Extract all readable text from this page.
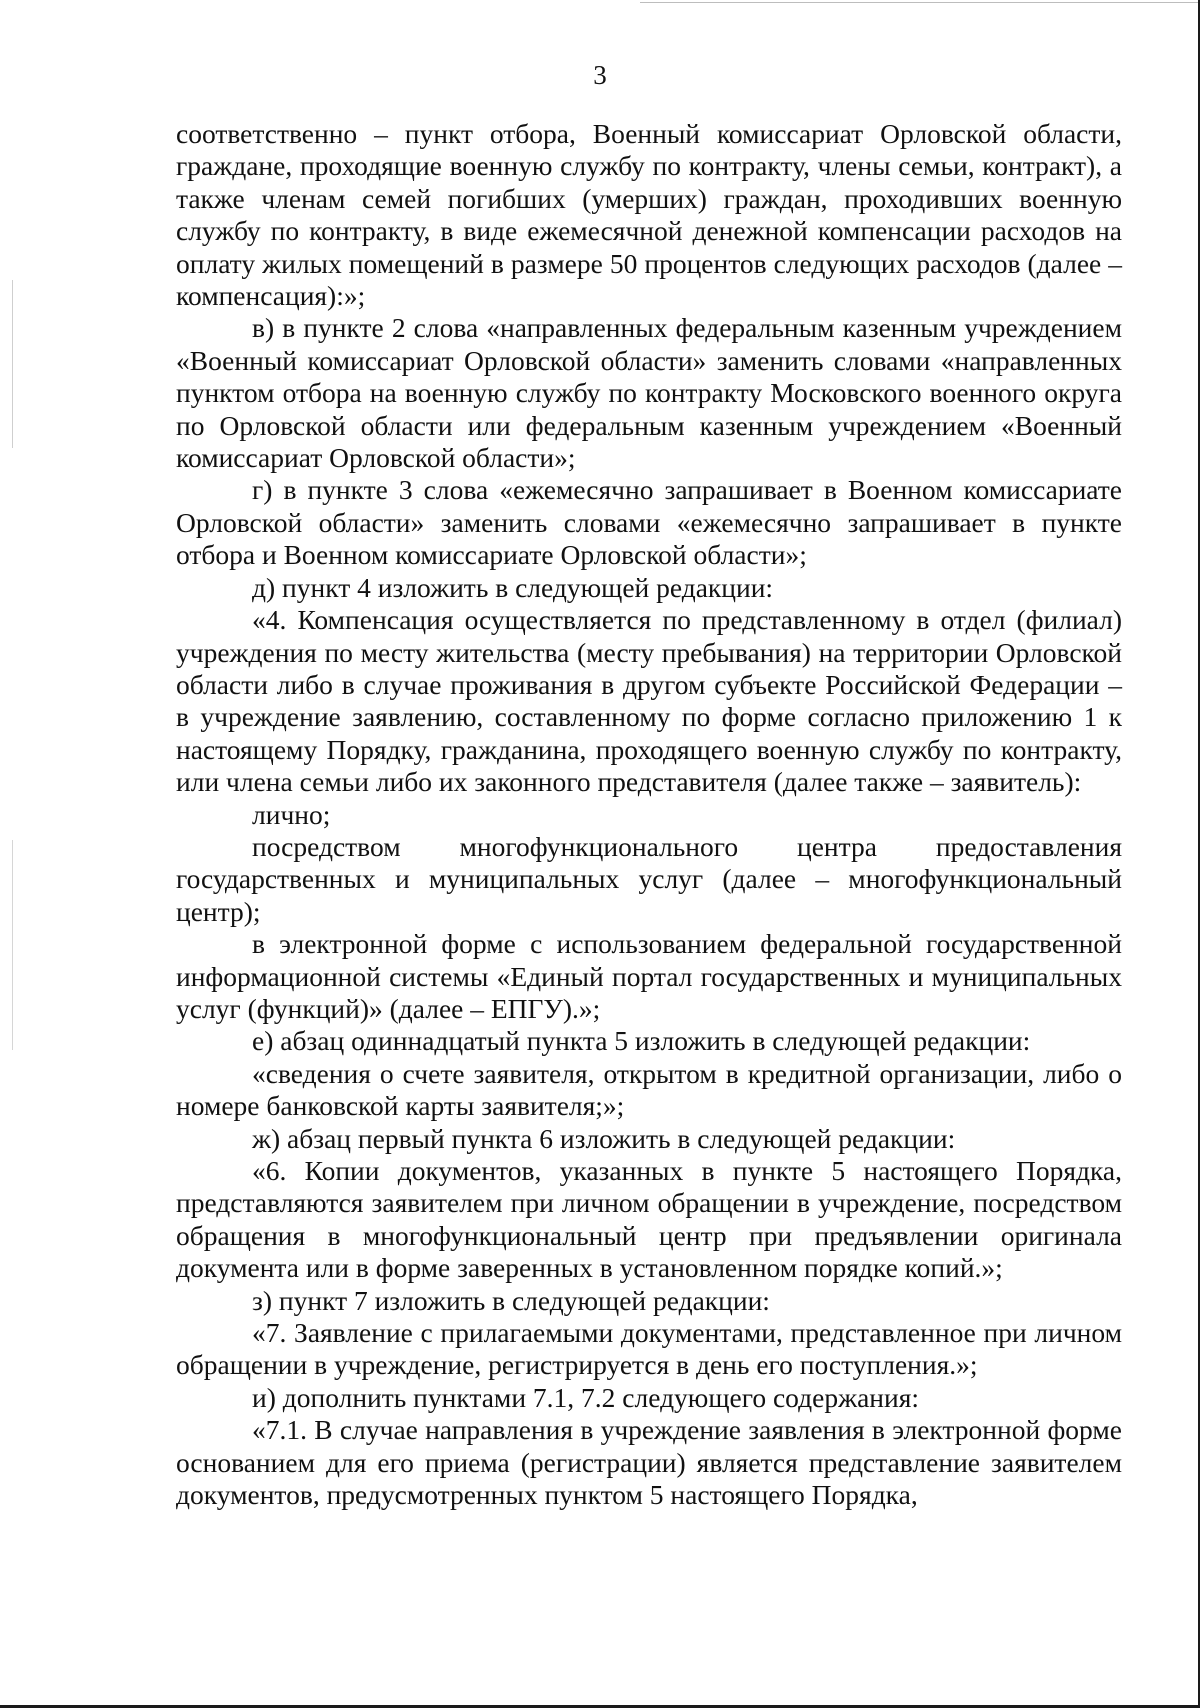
3

соответственно – пункт отбора, Военный комиссариат Орловской области, граждане, проходящие военную службу по контракту, члены семьи, контракт), а также членам семей погибших (умерших) граждан, проходивших военную службу по контракту, в виде ежемесячной денежной компенсации расходов на оплату жилых помещений в размере 50 процентов следующих расходов (далее – компенсация):»;

в) в пункте 2 слова «направленных федеральным казенным учреждением «Военный комиссариат Орловской области» заменить словами «направленных пунктом отбора на военную службу по контракту Московского военного округа по Орловской области или федеральным казенным учреждением «Военный комиссариат Орловской области»;

г) в пункте 3 слова «ежемесячно запрашивает в Военном комиссариате Орловской области» заменить словами «ежемесячно запрашивает в пункте отбора и Военном комиссариате Орловской области»;

д) пункт 4 изложить в следующей редакции:

«4. Компенсация осуществляется по представленному в отдел (филиал) учреждения по месту жительства (месту пребывания) на территории Орловской области либо в случае проживания в другом субъекте Российской Федерации – в учреждение заявлению, составленному по форме согласно приложению 1 к настоящему Порядку, гражданина, проходящего военную службу по контракту, или члена семьи либо их законного представителя (далее также – заявитель):

лично;

посредством многофункционального центра предоставления государственных и муниципальных услуг (далее – многофункциональный центр);

в электронной форме с использованием федеральной государственной информационной системы «Единый портал государственных и муниципальных услуг (функций)» (далее – ЕПГУ).»;

е) абзац одиннадцатый пункта 5 изложить в следующей редакции:

«сведения о счете заявителя, открытом в кредитной организации, либо о номере банковской карты заявителя;»;

ж) абзац первый пункта 6 изложить в следующей редакции:

«6. Копии документов, указанных в пункте 5 настоящего Порядка, представляются заявителем при личном обращении в учреждение, посредством обращения в многофункциональный центр при предъявлении оригинала документа или в форме заверенных в установленном порядке копий.»;

з) пункт 7 изложить в следующей редакции:

«7. Заявление с прилагаемыми документами, представленное при личном обращении в учреждение, регистрируется в день его поступления.»;

и) дополнить пунктами 7.1, 7.2 следующего содержания:

«7.1. В случае направления в учреждение заявления в электронной форме основанием для его приема (регистрации) является представление заявителем документов, предусмотренных пунктом 5 настоящего Порядка,
